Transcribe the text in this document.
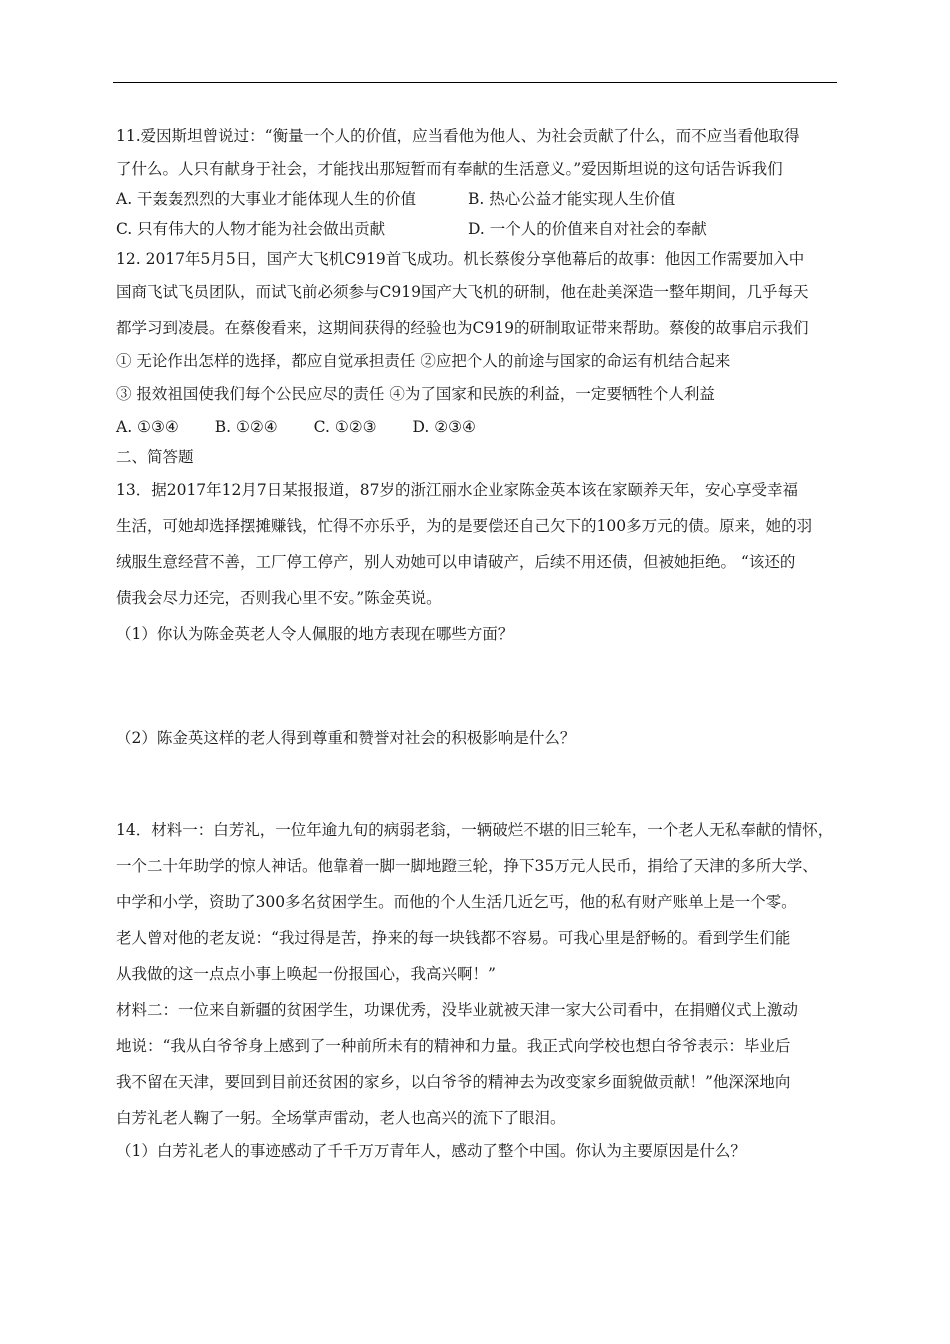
11.爱因斯坦曾说过：“衡量一个人的价值，应当看他为他人、为社会贡献了什么，而不应当看他取得
了什么。人只有献身于社会，才能找出那短暂而有奉献的生活意义。”爱因斯坦说的这句话告诉我们
A. 干轰轰烈烈的大事业才能体现人生的价值	B. 热心公益才能实现人生价值
C. 只有伟大的人物才能为社会做出贡献	D. 一个人的价值来自对社会的奉献
12. 2017年5月5日，国产大飞机C919首飞成功。机长蔡俊分享他幕后的故事：他因工作需要加入中
国商飞试飞员团队，而试飞前必须参与C919国产大飞机的研制，他在赴美深造一整年期间，几乎每天
都学习到凌晨。在蔡俊看来，这期间获得的经验也为C919的研制取证带来帮助。蔡俊的故事启示我们
① 无论作出怎样的选择，都应自觉承担责任 ②应把个人的前途与国家的命运有机结合起来
③ 报效祖国使我们每个公民应尽的责任 ④为了国家和民族的利益，一定要牺牲个人利益
A. ①③④ B. ①②④ C. ①②③ D. ②③④
二、简答题
13．据2017年12月7日某报报道，87岁的浙江丽水企业家陈金英本该在家颐养天年，安心享受幸福
生活，可她却选择摆摊赚钱，忙得不亦乐乎，为的是要偿还自己欠下的100多万元的债。原来，她的羽
绒服生意经营不善，工厂停工停产，别人劝她可以申请破产，后续不用还债，但被她拒绝。 “该还的
债我会尽力还完，否则我心里不安。”陈金英说。
（1）你认为陈金英老人令人佩服的地方表现在哪些方面？
（2）陈金英这样的老人得到尊重和赞誉对社会的积极影响是什么？
14．材料一：白芳礼，一位年逾九旬的病弱老翁，一辆破烂不堪的旧三轮车，一个老人无私奉献的情怀，
一个二十年助学的惊人神话。他靠着一脚一脚地蹬三轮，挣下35万元人民币，捐给了天津的多所大学、
中学和小学，资助了300多名贫困学生。而他的个人生活几近乞丐，他的私有财产账单上是一个零。
老人曾对他的老友说：“我过得是苦，挣来的每一块钱都不容易。可我心里是舒畅的。看到学生们能
从我做的这一点点小事上唤起一份报国心，我高兴啊！”
材料二：一位来自新疆的贫困学生，功课优秀，没毕业就被天津一家大公司看中，在捐赠仪式上激动
地说：“我从白爷爷身上感到了一种前所未有的精神和力量。我正式向学校也想白爷爷表示：毕业后
我不留在天津，要回到目前还贫困的家乡，以白爷爷的精神去为改变家乡面貌做贡献！”他深深地向
白芳礼老人鞠了一躬。全场掌声雷动，老人也高兴的流下了眼泪。
（1）白芳礼老人的事迹感动了千千万万青年人，感动了整个中国。你认为主要原因是什么？
